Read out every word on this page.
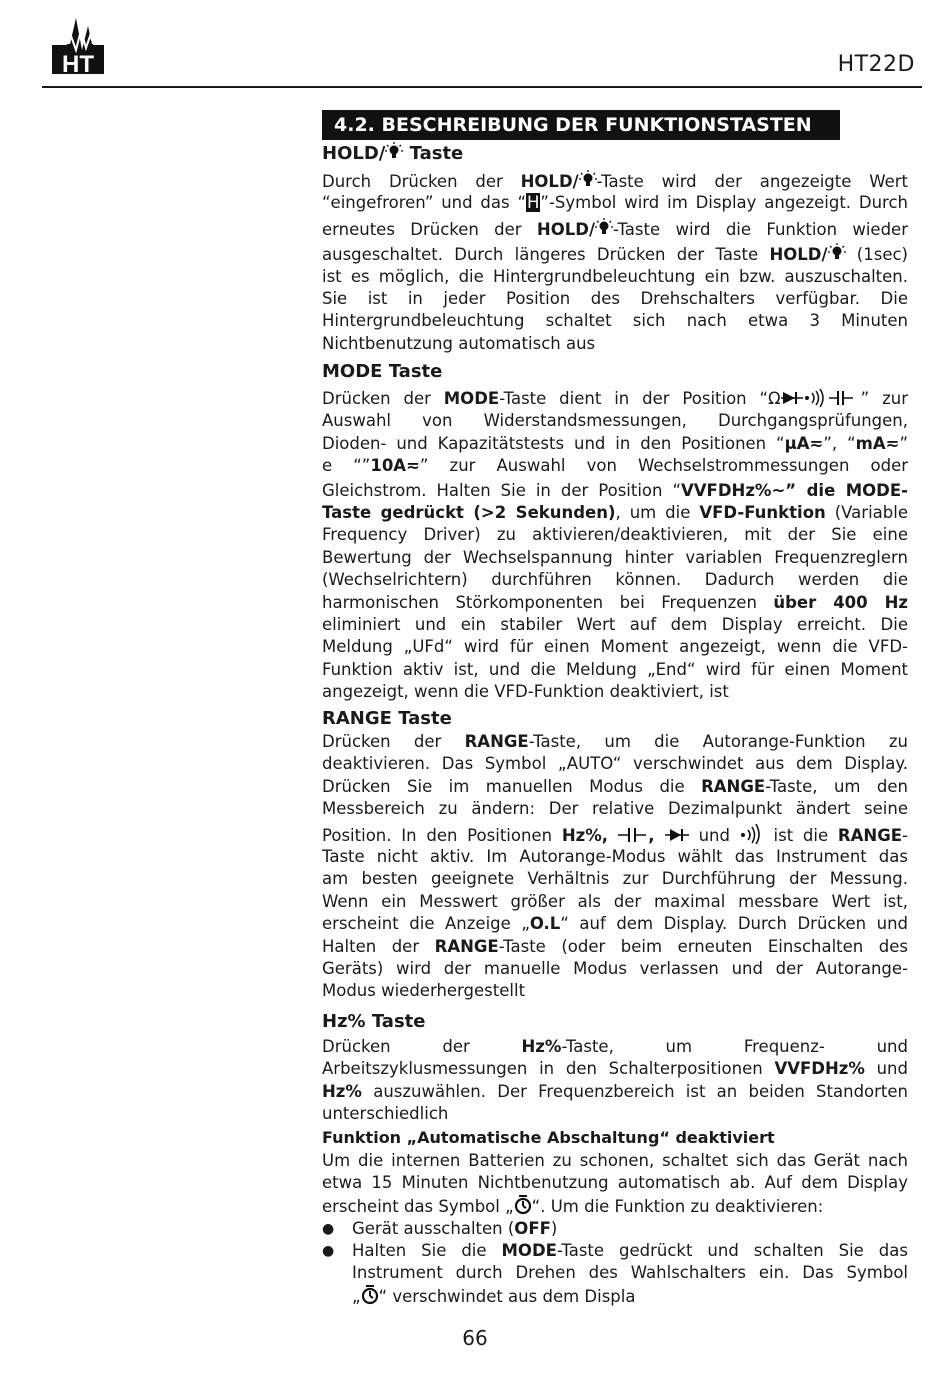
HT	HT22D
4.2. BESCHREIBUNG DER FUNKTIONSTASTEN
HOLD/ Taste
Durch Drücken der HOLD/ -Taste wird der angezeigte Wert
“eingefroren” und das “H”-Symbol wird im Display angezeigt. Durch
erneutes Drücken der HOLD/ -Taste wird die Funktion wieder
ausgeschaltet. Durch längeres Drücken der Taste HOLD/ (1sec)
ist es möglich, die Hintergrundbeleuchtung ein bzw. auszuschalten.
Sie ist in jeder Position des Drehschalters verfügbar. Die
Hintergrundbeleuchtung schaltet sich nach etwa 3 Minuten
Nichtbenutzung automatisch aus
MODE Taste
Drücken der MODE-Taste dient in der Position “Ω	” zur
Auswahl von Widerstandsmessungen, Durchgangsprüfungen,
Dioden- und Kapazitätstests und in den Positionen “µA≂”, “mA≂”
e “”10A≂” zur Auswahl von Wechselstrommessungen oder
Gleichstrom. Halten Sie in der Position “VVFDHz%~” die MODE-
Taste gedrückt (>2 Sekunden), um die VFD-Funktion (Variable
Frequency Driver) zu aktivieren/deaktivieren, mit der Sie eine
Bewertung der Wechselspannung hinter variablen Frequenzreglern
(Wechselrichtern) durchführen können. Dadurch werden die
harmonischen Störkomponenten bei Frequenzen über 400 Hz
eliminiert und ein stabiler Wert auf dem Display erreicht. Die
Meldung „UFd“ wird für einen Moment angezeigt, wenn die VFD-
Funktion aktiv ist, und die Meldung „End“ wird für einen Moment
angezeigt, wenn die VFD-Funktion deaktiviert, ist
RANGE Taste
Drücken der RANGE-Taste, um die Autorange-Funktion zu
deaktivieren. Das Symbol „AUTO“ verschwindet aus dem Display.
Drücken Sie im manuellen Modus die RANGE-Taste, um den
Messbereich zu ändern: Der relative Dezimalpunkt ändert seine
Position. In den Positionen Hz%, ,  und  ist die RANGE-
Taste nicht aktiv. Im Autorange-Modus wählt das Instrument das
am besten geeignete Verhältnis zur Durchführung der Messung.
Wenn ein Messwert größer als der maximal messbare Wert ist,
erscheint die Anzeige „O.L“ auf dem Display. Durch Drücken und
Halten der RANGE-Taste (oder beim erneuten Einschalten des
Geräts) wird der manuelle Modus verlassen und der Autorange-
Modus wiederhergestellt
Hz% Taste
Drücken der Hz%-Taste, um Frequenz- und
Arbeitszyklusmessungen in den Schalterpositionen VVFDHz% und
Hz% auszuwählen. Der Frequenzbereich ist an beiden Standorten
unterschiedlich
Funktion „Automatische Abschaltung“ deaktiviert
Um die internen Batterien zu schonen, schaltet sich das Gerät nach
etwa 15 Minuten Nichtbenutzung automatisch ab. Auf dem Display
erscheint das Symbol „ “. Um die Funktion zu deaktivieren:
● Gerät ausschalten (OFF)
● Halten Sie die MODE-Taste gedrückt und schalten Sie das
Instrument durch Drehen des Wahlschalters ein. Das Symbol
„ “ verschwindet aus dem Displa
66
